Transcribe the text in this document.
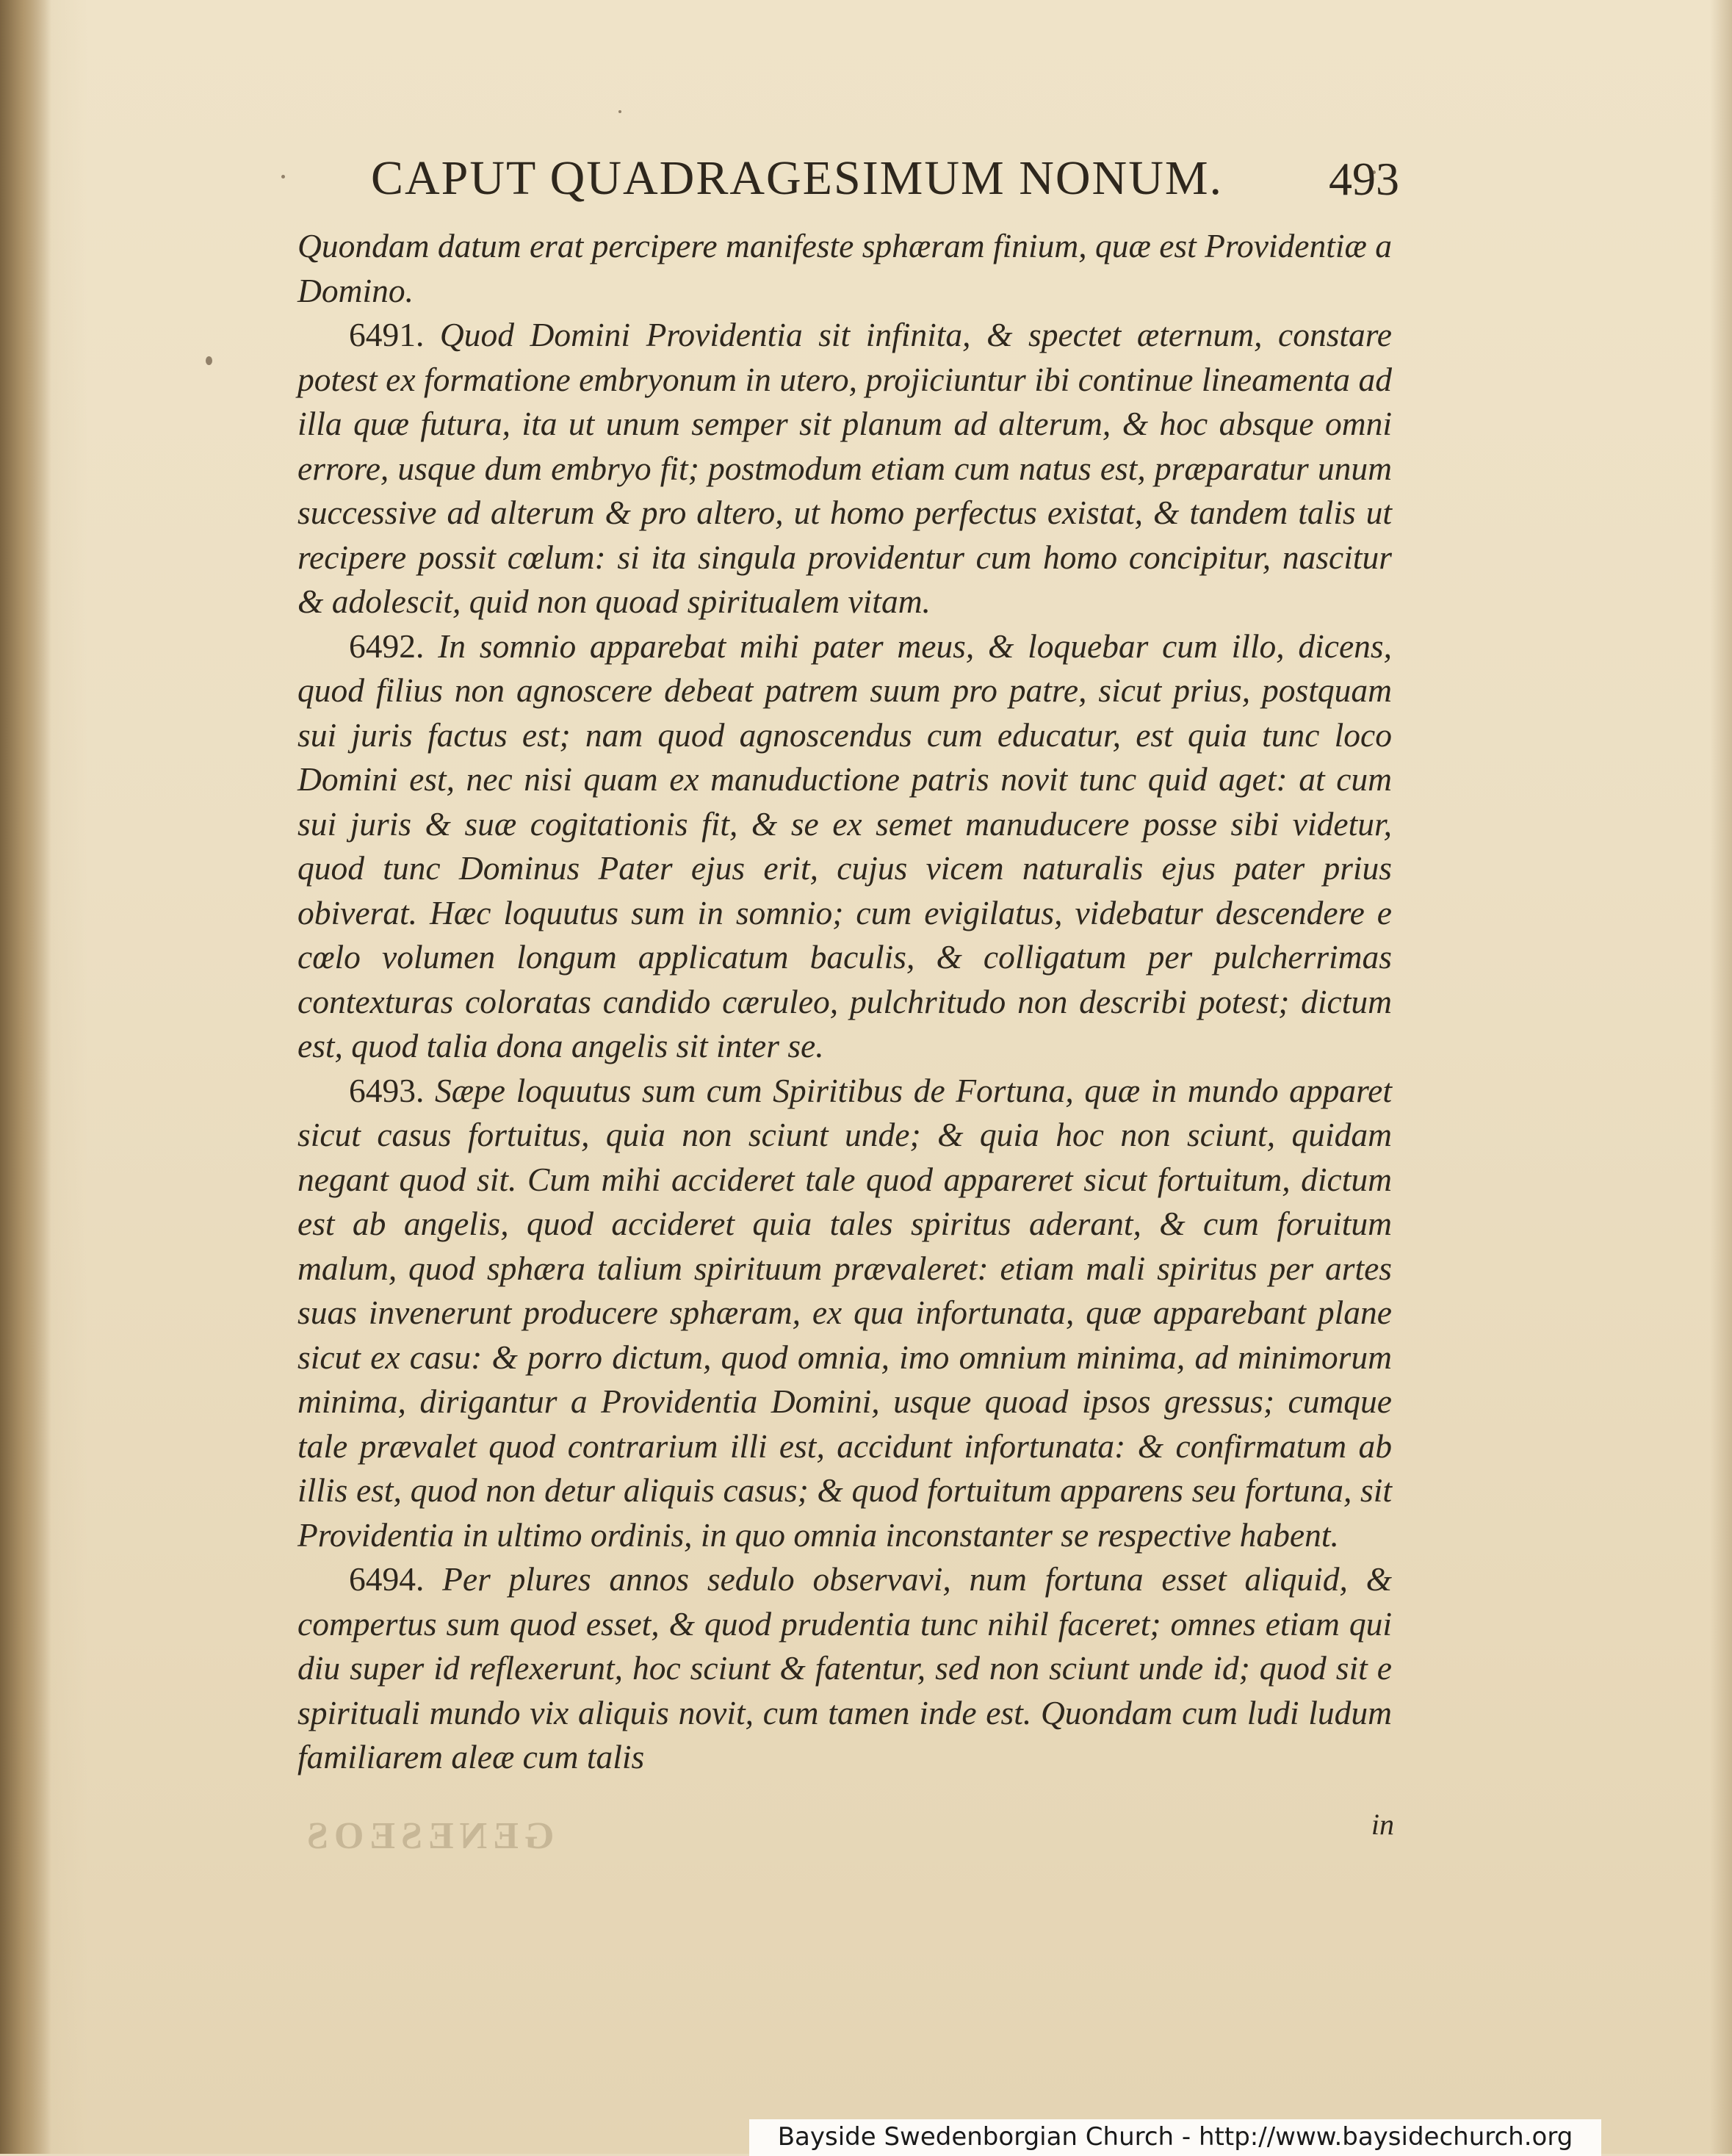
CAPUT QUADRAGESIMUM NONUM. 493

Quondam datum erat percipere manifeste sphæram finium, quæ est Providentiæ a Domino.

6491. Quod Domini Providentia sit infinita, & spectet æternum, constare potest ex formatione embryonum in utero, projiciuntur ibi continue lineamenta ad illa quæ futura, ita ut unum semper sit planum ad alterum, & hoc absque omni errore, usque dum embryo fit; postmodum etiam cum natus est, præparatur unum successive ad alterum & pro altero, ut homo perfectus existat, & tandem talis ut recipere possit cœlum: si ita singula providentur cum homo concipitur, nascitur & adolescit, quid non quoad spiritualem vitam.

6492. In somnio apparebat mihi pater meus, & loquebar cum illo, dicens, quod filius non agnoscere debeat patrem suum pro patre, sicut prius, postquam sui juris factus est; nam quod agnoscendus cum educatur, est quia tunc loco Domini est, nec nisi quam ex manuductione patris novit tunc quid aget: at cum sui juris & suæ cogitationis fit, & se ex semet manuducere posse sibi videtur, quod tunc Dominus Pater ejus erit, cujus vicem naturalis ejus pater prius obiverat. Hæc loquutus sum in somnio; cum evigilatus, videbatur descendere e cœlo volumen longum applicatum baculis, & colligatum per pulcherrimas contexturas coloratas candido cæruleo, pulchritudo non describi potest; dictum est, quod talia dona angelis sit inter se.

6493. Sæpe loquutus sum cum Spiritibus de Fortuna, quæ in mundo apparet sicut casus fortuitus, quia non sciunt unde; & quia hoc non sciunt, quidam negant quod sit. Cum mihi accideret tale quod appareret sicut fortuitum, dictum est ab angelis, quod accideret quia tales spiritus aderant, & cum foruitum malum, quod sphæra talium spirituum prævaleret: etiam mali spiritus per artes suas invenerunt producere sphæram, ex qua infortunata, quæ apparebant plane sicut ex casu: & porro dictum, quod omnia, imo omnium minima, ad minimorum minima, dirigantur a Providentia Domini, usque quoad ipsos gressus; cumque tale prævalet quod contrarium illi est, accidunt infortunata: & confirmatum ab illis est, quod non detur aliquis casus; & quod fortuitum apparens seu fortuna, sit Providentia in ultimo ordinis, in quo omnia inconstanter se respective habent.

6494. Per plures annos sedulo observavi, num fortuna esset aliquid, & compertus sum quod esset, & quod prudentia tunc nihil faceret; omnes etiam qui diu super id reflexerunt, hoc sciunt & fatentur, sed non sciunt unde id; quod sit e spirituali mundo vix aliquis novit, cum tamen inde est. Quondam cum ludi ludum familiarem aleæ cum talis

in
GENESEOS
Bayside Swedenborgian Church - http://www.baysidechurch.org
